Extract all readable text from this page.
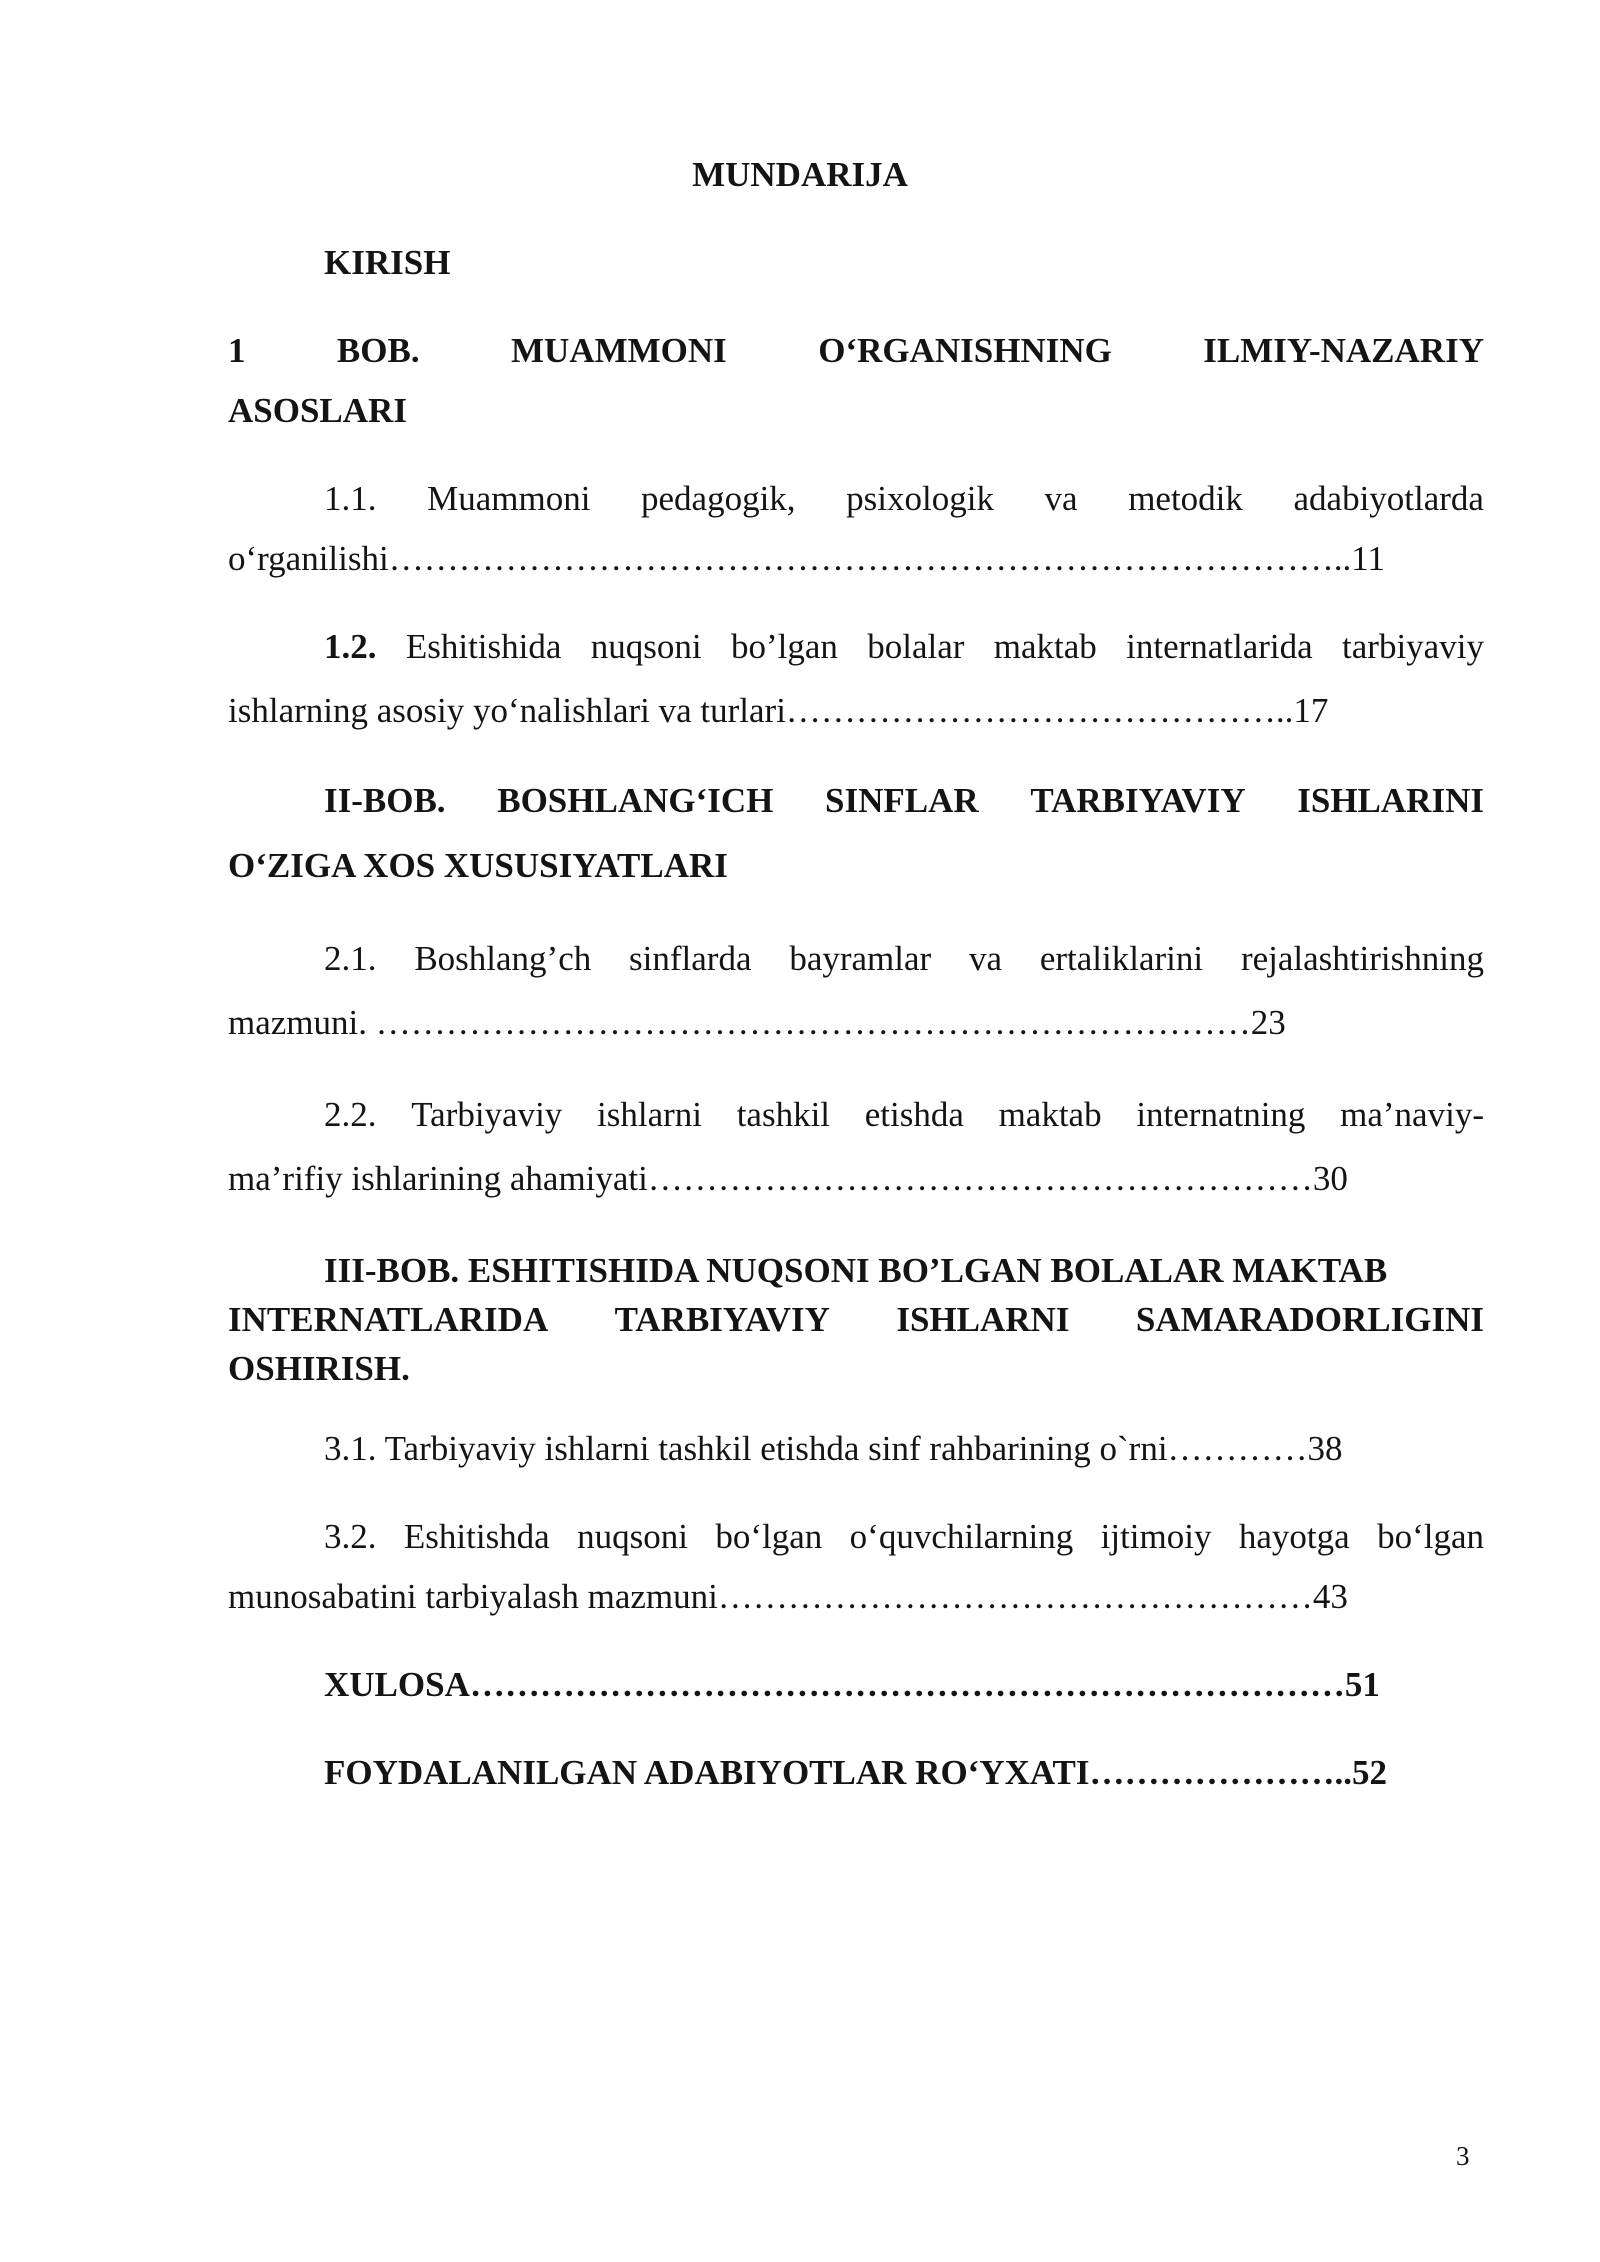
MUNDARIJA

KIRISH

1	BOB.	MUAMMONI	O‘RGANISHNING	ILMIY-NAZARIY

ASOSLARI

1.1. Muammoni pedagogik, psixologik va metodik adabiyotlarda

o‘rganilishi………………………………………………………………………..11

1.2. Eshitishida nuqsoni bo’lgan bolalar maktab internatlarida tarbiyaviy

ishlarning asosiy yo‘nalishlari va turlari……………………………………..17

II-BOB. BOSHLANG‘ICH SINFLAR TARBIYAVIY ISHLARINI

O‘ZIGA XOS XUSUSIYATLARI

2.1. Boshlang’ch sinflarda bayramlar va ertaliklarini rejalashtirishning

mazmuni. …………………………………………………………………23

2.2. Tarbiyaviy ishlarni tashkil etishda maktab internatning ma’naviy-

ma’rifiy ishlarining ahamiyati…………………………………………………30

III-BOB. ESHITISHIDA NUQSONI BO’LGAN BOLALAR MAKTAB

INTERNATLARIDA TARBIYAVIY ISHLARNI SAMARADORLIGINI

OSHIRISH.

3.1. Tarbiyaviy ishlarni tashkil etishda sinf rahbarining o`rni…………38

3.2. Eshitishda nuqsoni bo‘lgan o‘quvchilarning ijtimoiy hayotga bo‘lgan

munosabatini tarbiyalash mazmuni……………………………………………43

XULOSA…………………………………………………………………51

FOYDALANILGAN ADABIYOTLAR RO‘YXATI…………………..52

3
